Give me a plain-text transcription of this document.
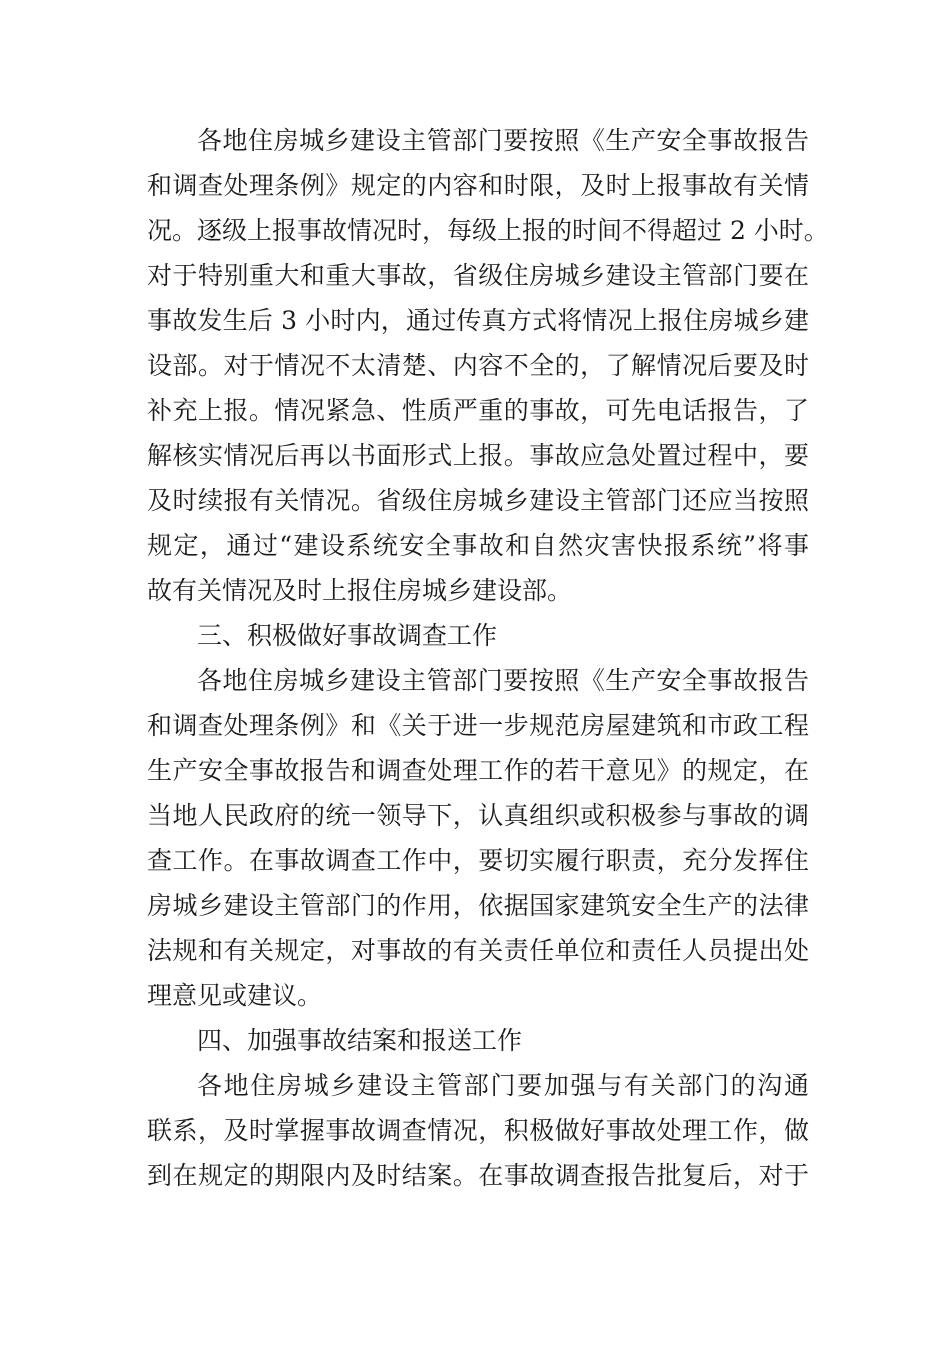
各地住房城乡建设主管部门要按照《生产安全事故报告
和调查处理条例》规定的内容和时限，及时上报事故有关情
况。逐级上报事故情况时，每级上报的时间不得超过 2 小时。
对于特别重大和重大事故，省级住房城乡建设主管部门要在
事故发生后 3 小时内，通过传真方式将情况上报住房城乡建
设部。对于情况不太清楚、内容不全的，了解情况后要及时
补充上报。情况紧急、性质严重的事故，可先电话报告，了
解核实情况后再以书面形式上报。事故应急处置过程中，要
及时续报有关情况。省级住房城乡建设主管部门还应当按照
规定，通过“建设系统安全事故和自然灾害快报系统”将事
故有关情况及时上报住房城乡建设部。
三、积极做好事故调查工作
各地住房城乡建设主管部门要按照《生产安全事故报告
和调查处理条例》和《关于进一步规范房屋建筑和市政工程
生产安全事故报告和调查处理工作的若干意见》的规定，在
当地人民政府的统一领导下，认真组织或积极参与事故的调
查工作。在事故调查工作中，要切实履行职责，充分发挥住
房城乡建设主管部门的作用，依据国家建筑安全生产的法律
法规和有关规定，对事故的有关责任单位和责任人员提出处
理意见或建议。
四、加强事故结案和报送工作
各地住房城乡建设主管部门要加强与有关部门的沟通
联系，及时掌握事故调查情况，积极做好事故处理工作，做
到在规定的期限内及时结案。在事故调查报告批复后，对于
